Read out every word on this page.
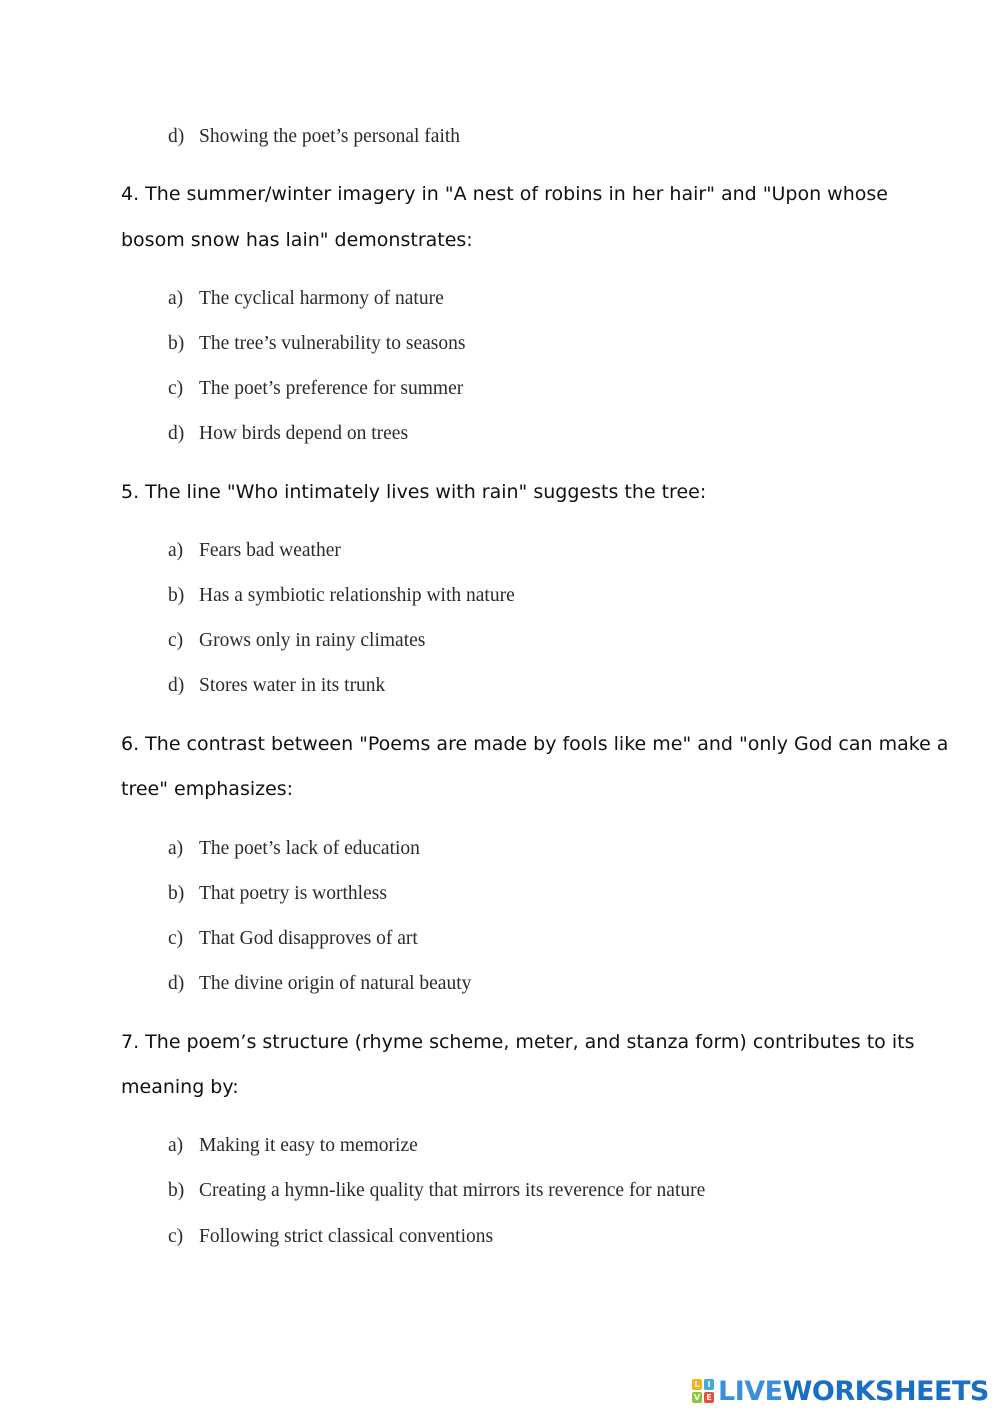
d) Showing the poet’s personal faith
4. The summer/winter imagery in "A nest of robins in her hair" and "Upon whose
bosom snow has lain" demonstrates:
a) The cyclical harmony of nature
b) The tree’s vulnerability to seasons
c) The poet’s preference for summer
d) How birds depend on trees
5. The line "Who intimately lives with rain" suggests the tree:
a) Fears bad weather
b) Has a symbiotic relationship with nature
c) Grows only in rainy climates
d) Stores water in its trunk
6. The contrast between "Poems are made by fools like me" and "only God can make a
tree" emphasizes:
a) The poet’s lack of education
b) That poetry is worthless
c) That God disapproves of art
d) The divine origin of natural beauty
7. The poem’s structure (rhyme scheme, meter, and stanza form) contributes to its
meaning by:
a) Making it easy to memorize
b) Creating a hymn-like quality that mirrors its reverence for nature
c) Following strict classical conventions
L I
V E LIVE WORKSHEETS
